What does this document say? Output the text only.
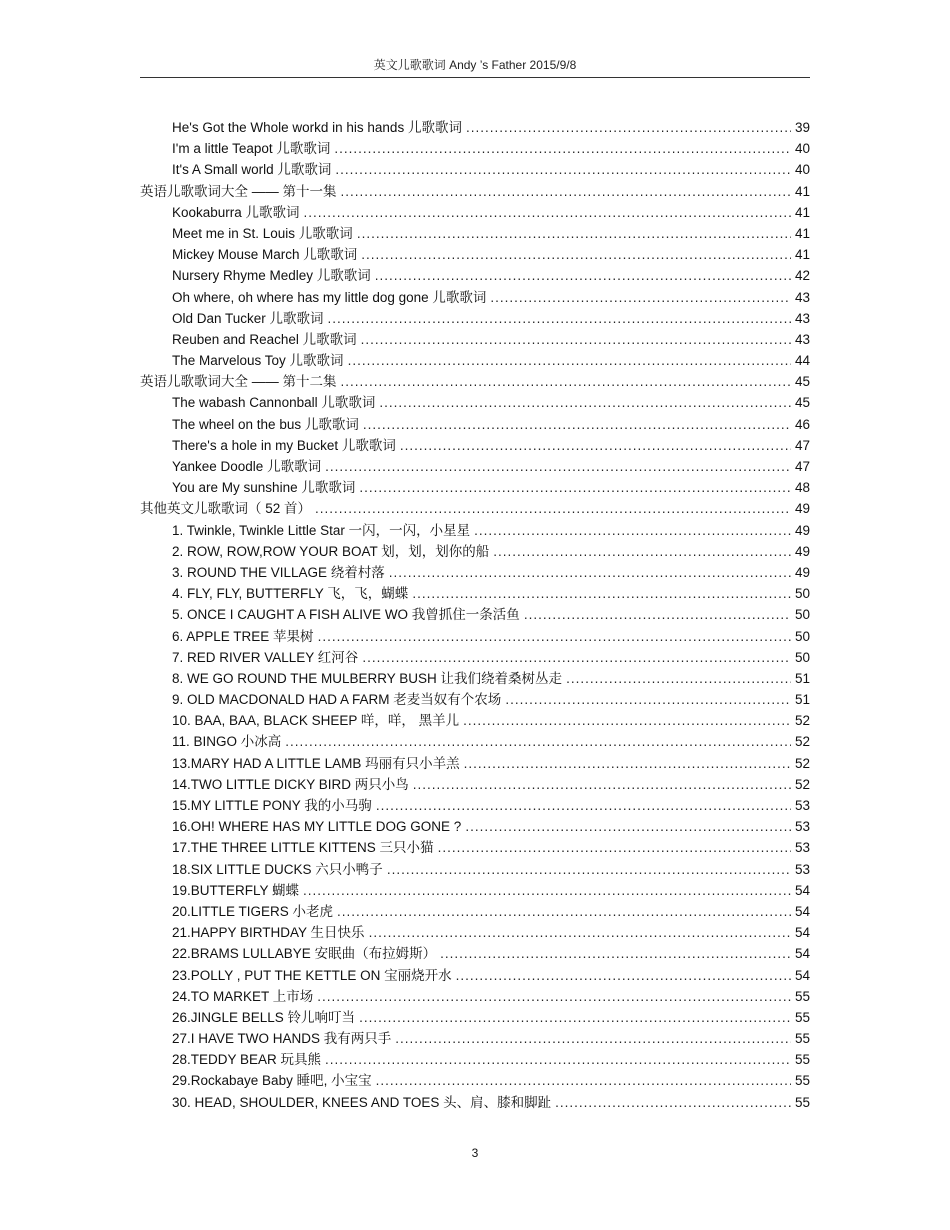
英文儿歌歌词 Andy ’s Father 2015/9/8
He's Got the Whole workd in his hands 儿歌歌词 .....	39
I'm a little Teapot 儿歌歌词 .....	40
It's A Small world 儿歌歌词 .....	40
英语儿歌歌词大全 —— 第十一集 .....	41
Kookaburra 儿歌歌词 .....	41
Meet me in St. Louis 儿歌歌词 .....	41
Mickey Mouse March 儿歌歌词 .....	41
Nursery Rhyme Medley 儿歌歌词 .....	42
Oh where, oh where has my little dog gone 儿歌歌词 .....	43
Old Dan Tucker 儿歌歌词 .....	43
Reuben and Reachel 儿歌歌词 .....	43
The Marvelous Toy 儿歌歌词 .....	44
英语儿歌歌词大全 —— 第十二集 .....	45
The wabash Cannonball 儿歌歌词 .....	45
The wheel on the bus 儿歌歌词 .....	46
There's a hole in my Bucket 儿歌歌词 .....	47
Yankee Doodle 儿歌歌词 .....	47
You are My sunshine 儿歌歌词 .....	48
其他英文儿歌歌词（ 52 首） .....	49
1. Twinkle, Twinkle Little Star 一闪，一闪，小星星 .....	49
2. ROW, ROW,ROW YOUR BOAT 划，划，划你的船 .....	49
3. ROUND THE VILLAGE 绕着村落 .....	49
4. FLY, FLY, BUTTERFLY 飞，飞，蝴蝶 .....	50
5. ONCE I CAUGHT A FISH ALIVE WO 我曾抓住一条活鱼 .....	50
6. APPLE TREE 苹果树 .....	50
7. RED RIVER VALLEY 红河谷 .....	50
8. WE GO ROUND THE MULBERRY BUSH 让我们绕着桑树丛走 .....	51
9. OLD MACDONALD HAD A FARM 老麦当奴有个农场 .....	51
10. BAA, BAA, BLACK SHEEP 咩，咩， 黑羊儿 .....	52
11. BINGO 小冰高 .....	52
13.MARY HAD A LITTLE LAMB 玛丽有只小羊羔 .....	52
14.TWO LITTLE DICKY BIRD 两只小鸟 .....	52
15.MY LITTLE PONY 我的小马驹 .....	53
16.OH! WHERE HAS MY LITTLE DOG GONE ? .....	53
17.THE THREE LITTLE KITTENS 三只小猫 .....	53
18.SIX LITTLE DUCKS 六只小鸭子 .....	53
19.BUTTERFLY 蝴蝶 .....	54
20.LITTLE TIGERS 小老虎 .....	54
21.HAPPY BIRTHDAY 生日快乐 .....	54
22.BRAMS LULLABYE 安眠曲（布拉姆斯） .....	54
23.POLLY , PUT THE KETTLE ON 宝丽烧开水 .....	54
24.TO MARKET 上市场 .....	55
26.JINGLE BELLS 铃儿响叮当 .....	55
27.I HAVE TWO HANDS 我有两只手 .....	55
28.TEDDY BEAR 玩具熊 .....	55
29.Rockabaye Baby 睡吧, 小宝宝 .....	55
30. HEAD, SHOULDER, KNEES AND TOES 头、肩、膝和脚趾 .....	55
3
